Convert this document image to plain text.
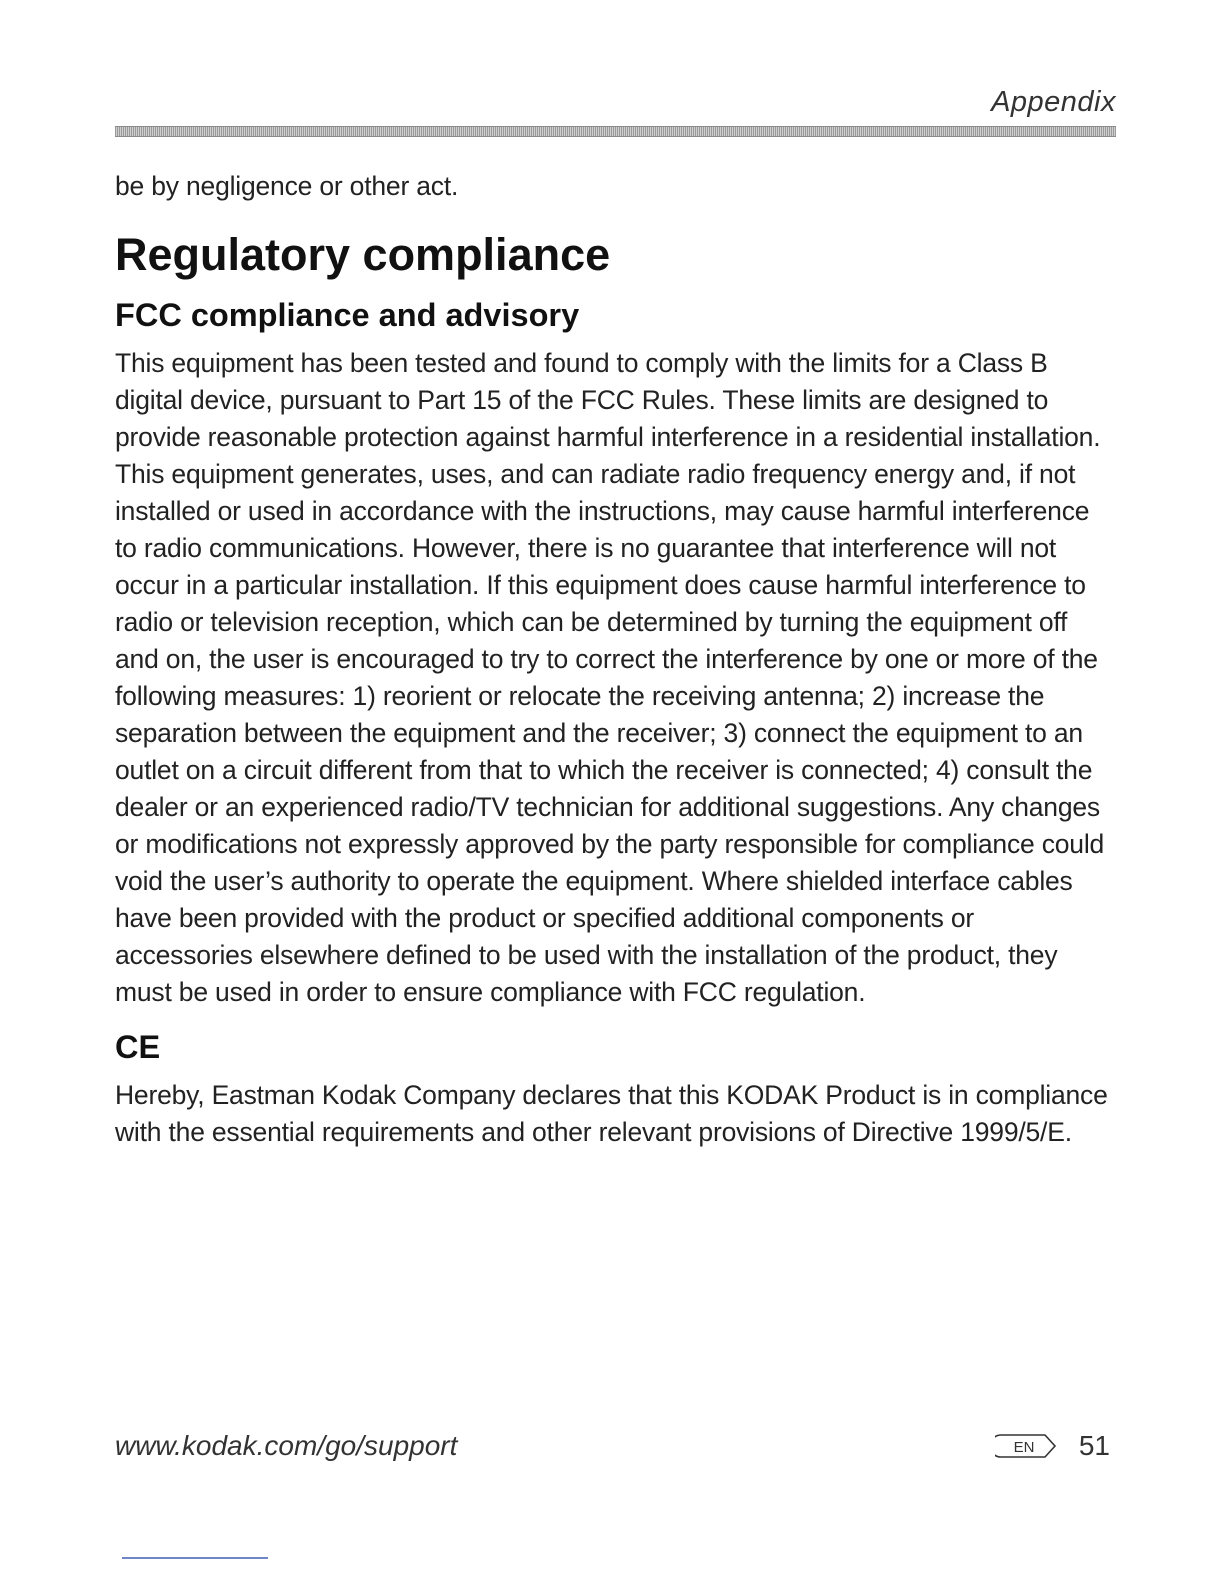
Appendix

be by negligence or other act.

Regulatory compliance
FCC compliance and advisory

This equipment has been tested and found to comply with the limits for a Class B digital device, pursuant to Part 15 of the FCC Rules. These limits are designed to provide reasonable protection against harmful interference in a residential installation. This equipment generates, uses, and can radiate radio frequency energy and, if not installed or used in accordance with the instructions, may cause harmful interference to radio communications. However, there is no guarantee that interference will not occur in a particular installation. If this equipment does cause harmful interference to radio or television reception, which can be determined by turning the equipment off and on, the user is encouraged to try to correct the interference by one or more of the following measures: 1) reorient or relocate the receiving antenna; 2) increase the separation between the equipment and the receiver; 3) connect the equipment to an outlet on a circuit different from that to which the receiver is connected; 4) consult the dealer or an experienced radio/TV technician for additional suggestions. Any changes or modifications not expressly approved by the party responsible for compliance could void the user’s authority to operate the equipment. Where shielded interface cables have been provided with the product or specified additional components or accessories elsewhere defined to be used with the installation of the product, they must be used in order to ensure compliance with FCC regulation.

CE

Hereby, Eastman Kodak Company declares that this KODAK Product is in compliance with the essential requirements and other relevant provisions of Directive 1999/5/E.

www.kodak.com/go/support	EN 51
